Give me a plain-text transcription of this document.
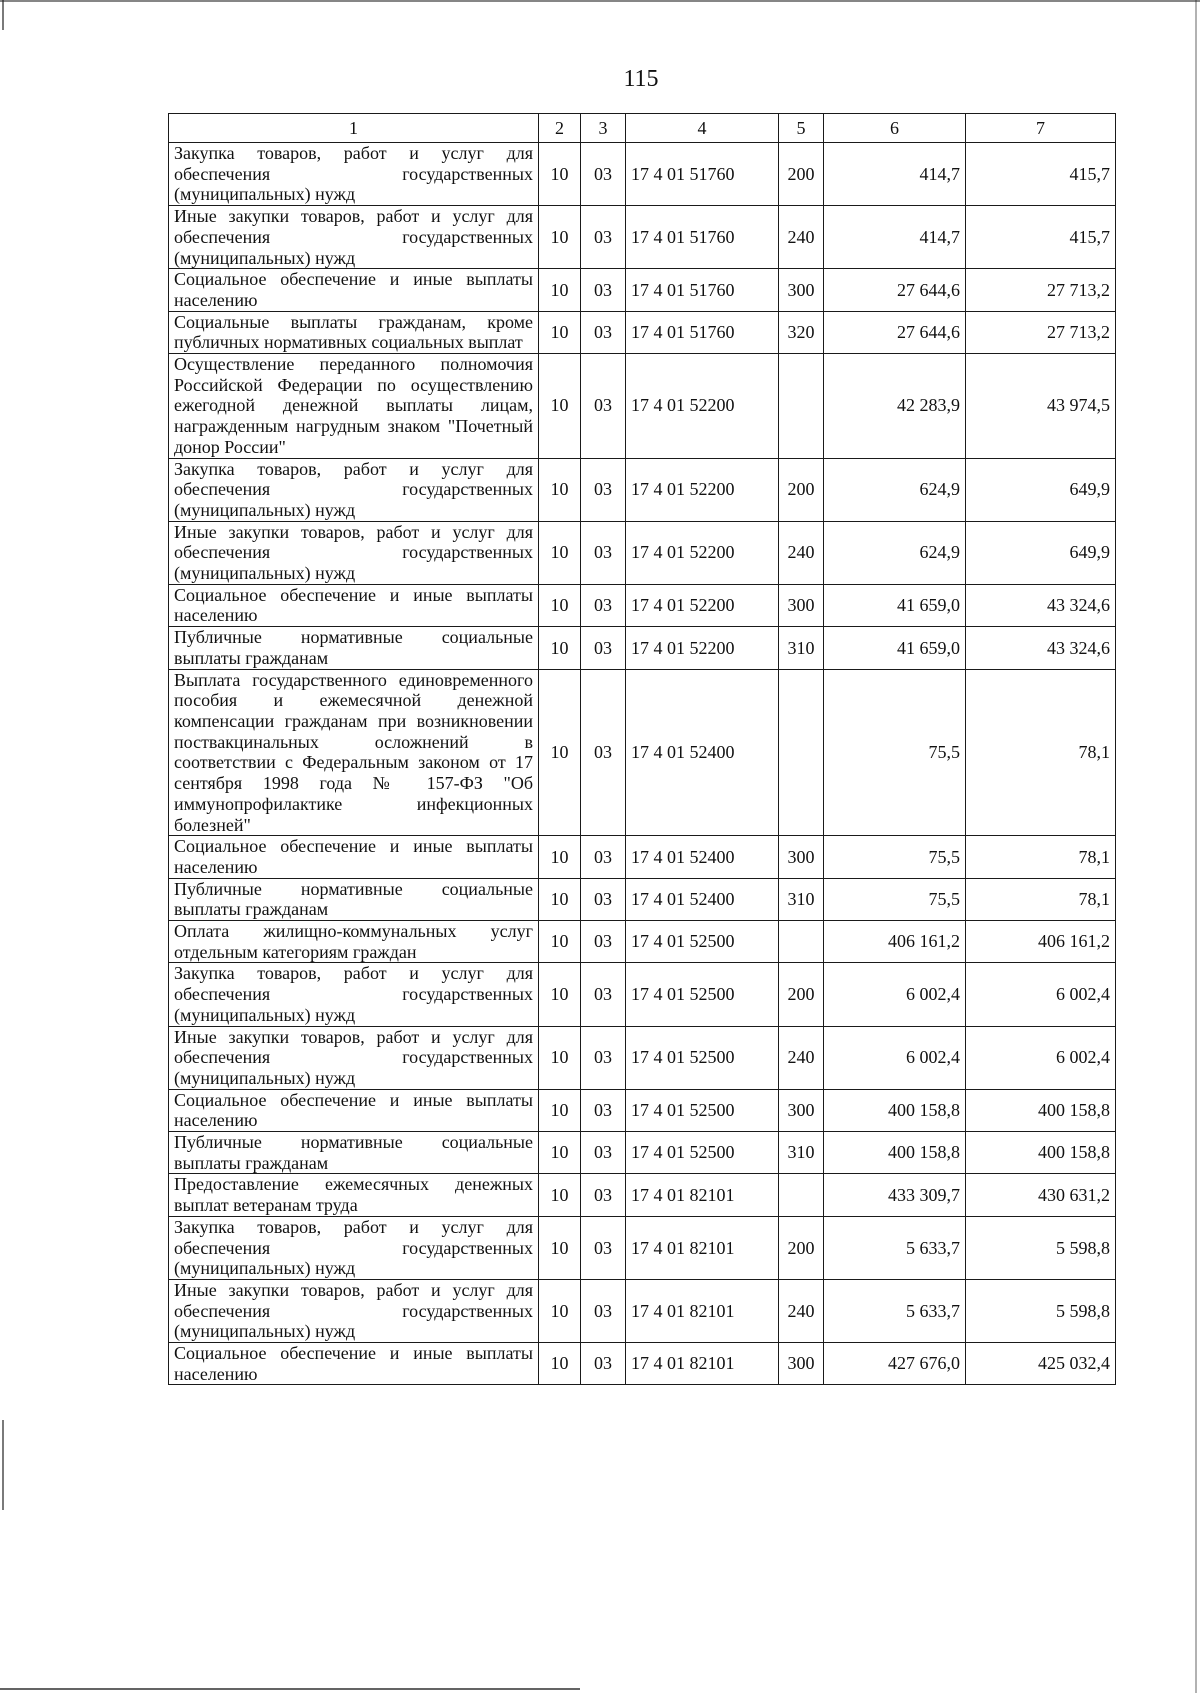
115
1	2	3	4	5	6	7
Закупка товаров, работ и услуг для обеспечения государственных (муниципальных) нужд	10	03	17 4 01 51760	200	414,7	415,7
Иные закупки товаров, работ и услуг для обеспечения государственных (муниципальных) нужд	10	03	17 4 01 51760	240	414,7	415,7
Социальное обеспечение и иные выплаты населению	10	03	17 4 01 51760	300	27 644,6	27 713,2
Социальные выплаты гражданам, кроме публичных нормативных социальных выплат	10	03	17 4 01 51760	320	27 644,6	27 713,2
Осуществление переданного полномочия Российской Федерации по осуществлению ежегодной денежной выплаты лицам, награжденным нагрудным знаком "Почетный донор России"	10	03	17 4 01 52200		42 283,9	43 974,5
Закупка товаров, работ и услуг для обеспечения государственных (муниципальных) нужд	10	03	17 4 01 52200	200	624,9	649,9
Иные закупки товаров, работ и услуг для обеспечения государственных (муниципальных) нужд	10	03	17 4 01 52200	240	624,9	649,9
Социальное обеспечение и иные выплаты населению	10	03	17 4 01 52200	300	41 659,0	43 324,6
Публичные нормативные социальные выплаты гражданам	10	03	17 4 01 52200	310	41 659,0	43 324,6
Выплата государственного единовременного пособия и ежемесячной денежной компенсации гражданам при возникновении поствакцинальных осложнений в соответствии с Федеральным законом от 17 сентября 1998 года № 157-ФЗ "Об иммунопрофилактике инфекционных болезней"	10	03	17 4 01 52400		75,5	78,1
Социальное обеспечение и иные выплаты населению	10	03	17 4 01 52400	300	75,5	78,1
Публичные нормативные социальные выплаты гражданам	10	03	17 4 01 52400	310	75,5	78,1
Оплата жилищно-коммунальных услуг отдельным категориям граждан	10	03	17 4 01 52500		406 161,2	406 161,2
Закупка товаров, работ и услуг для обеспечения государственных (муниципальных) нужд	10	03	17 4 01 52500	200	6 002,4	6 002,4
Иные закупки товаров, работ и услуг для обеспечения государственных (муниципальных) нужд	10	03	17 4 01 52500	240	6 002,4	6 002,4
Социальное обеспечение и иные выплаты населению	10	03	17 4 01 52500	300	400 158,8	400 158,8
Публичные нормативные социальные выплаты гражданам	10	03	17 4 01 52500	310	400 158,8	400 158,8
Предоставление ежемесячных денежных выплат ветеранам труда	10	03	17 4 01 82101		433 309,7	430 631,2
Закупка товаров, работ и услуг для обеспечения государственных (муниципальных) нужд	10	03	17 4 01 82101	200	5 633,7	5 598,8
Иные закупки товаров, работ и услуг для обеспечения государственных (муниципальных) нужд	10	03	17 4 01 82101	240	5 633,7	5 598,8
Социальное обеспечение и иные выплаты населению	10	03	17 4 01 82101	300	427 676,0	425 032,4
